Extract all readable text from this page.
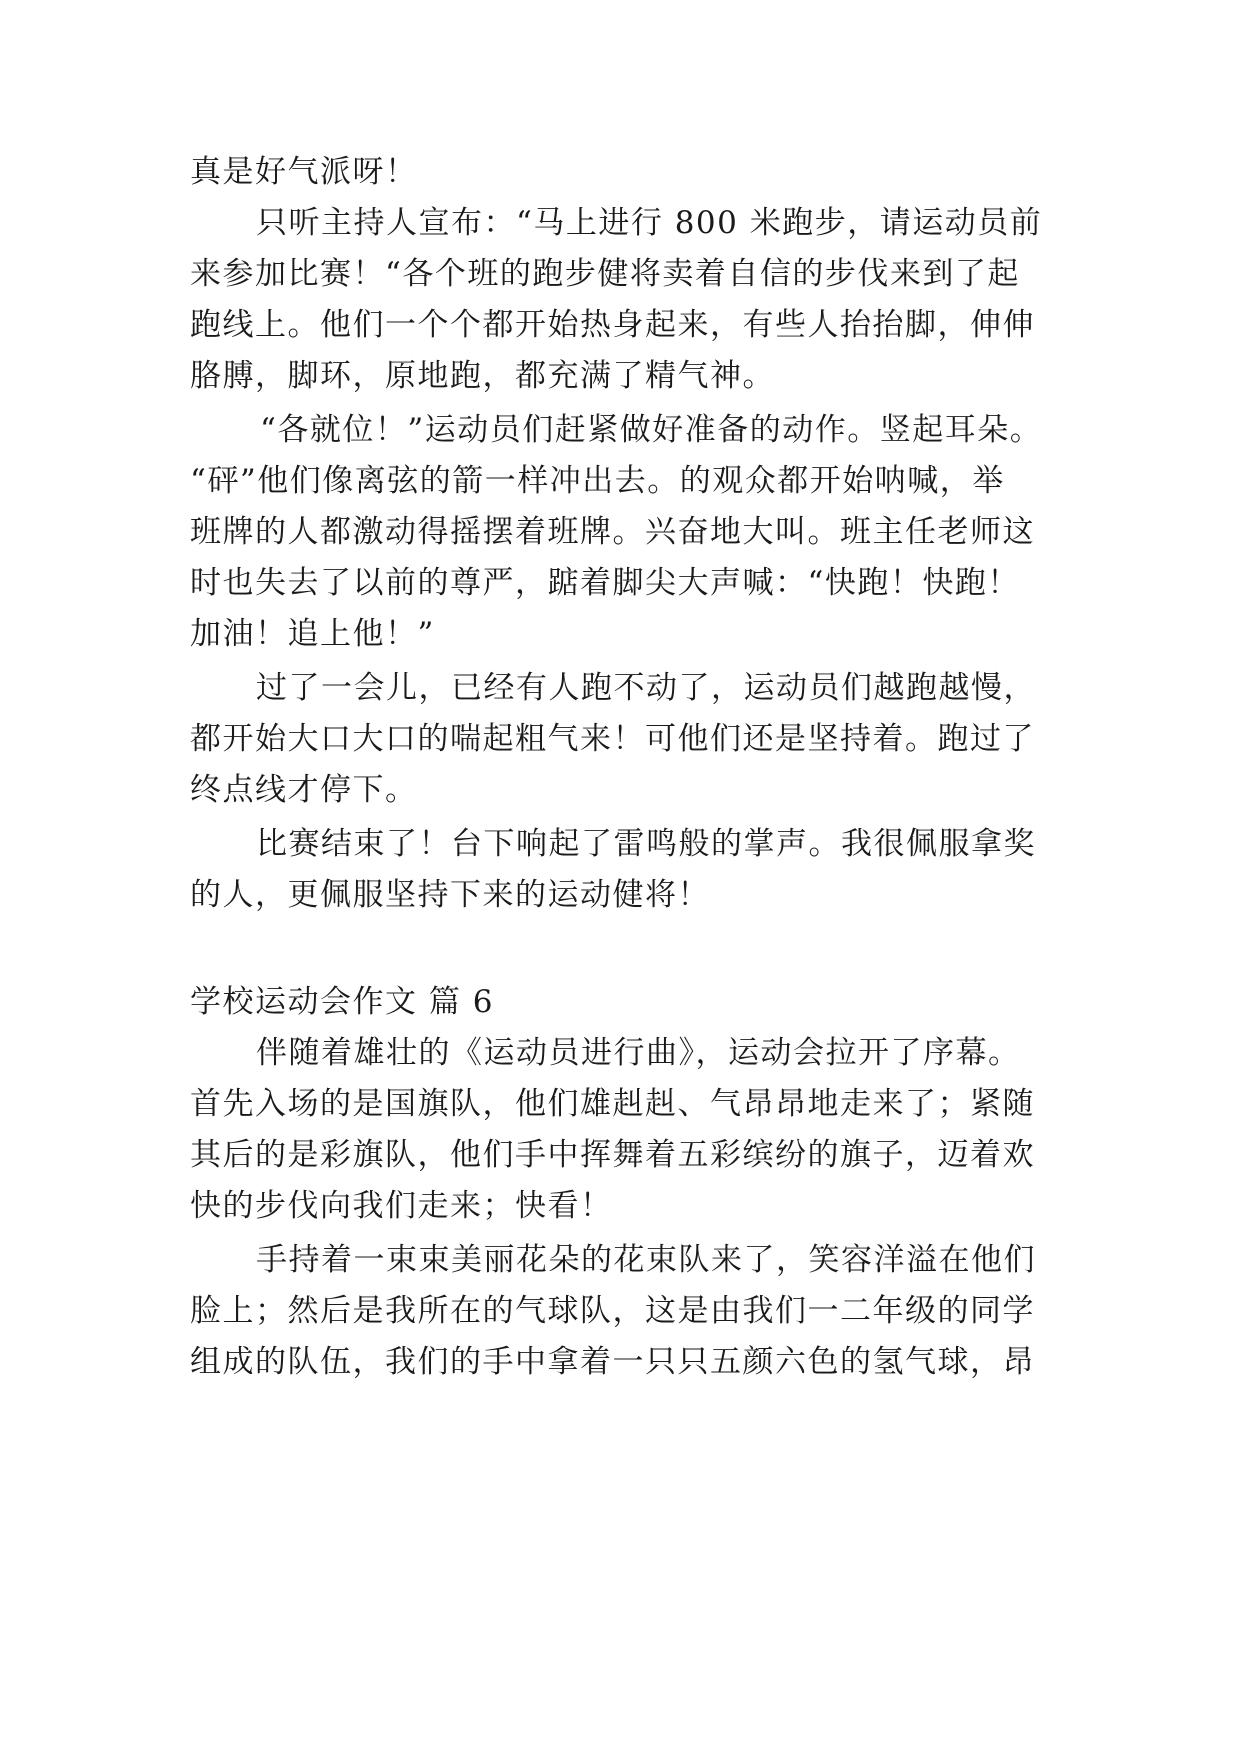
真是好气派呀！
只听主持人宣布：“马上进行 800 米跑步，请运动员前
来参加比赛！“各个班的跑步健将卖着自信的步伐来到了起
跑线上。他们一个个都开始热身起来，有些人抬抬脚，伸伸
胳膊，脚环，原地跑，都充满了精气神。
“各就位！”运动员们赶紧做好准备的动作。竖起耳朵。
“砰”他们像离弦的箭一样冲出去。的观众都开始呐喊，举
班牌的人都激动得摇摆着班牌。兴奋地大叫。班主任老师这
时也失去了以前的尊严，踮着脚尖大声喊：“快跑！快跑！
加油！追上他！”
过了一会儿，已经有人跑不动了，运动员们越跑越慢，
都开始大口大口的喘起粗气来！可他们还是坚持着。跑过了
终点线才停下。
比赛结束了！台下响起了雷鸣般的掌声。我很佩服拿奖
的人，更佩服坚持下来的运动健将！
学校运动会作文 篇 6
伴随着雄壮的《运动员进行曲》，运动会拉开了序幕。
首先入场的是国旗队，他们雄赳赳、气昂昂地走来了；紧随
其后的是彩旗队，他们手中挥舞着五彩缤纷的旗子，迈着欢
快的步伐向我们走来；快看！
手持着一束束美丽花朵的花束队来了，笑容洋溢在他们
脸上；然后是我所在的气球队，这是由我们一二年级的同学
组成的队伍，我们的手中拿着一只只五颜六色的氢气球，昂
